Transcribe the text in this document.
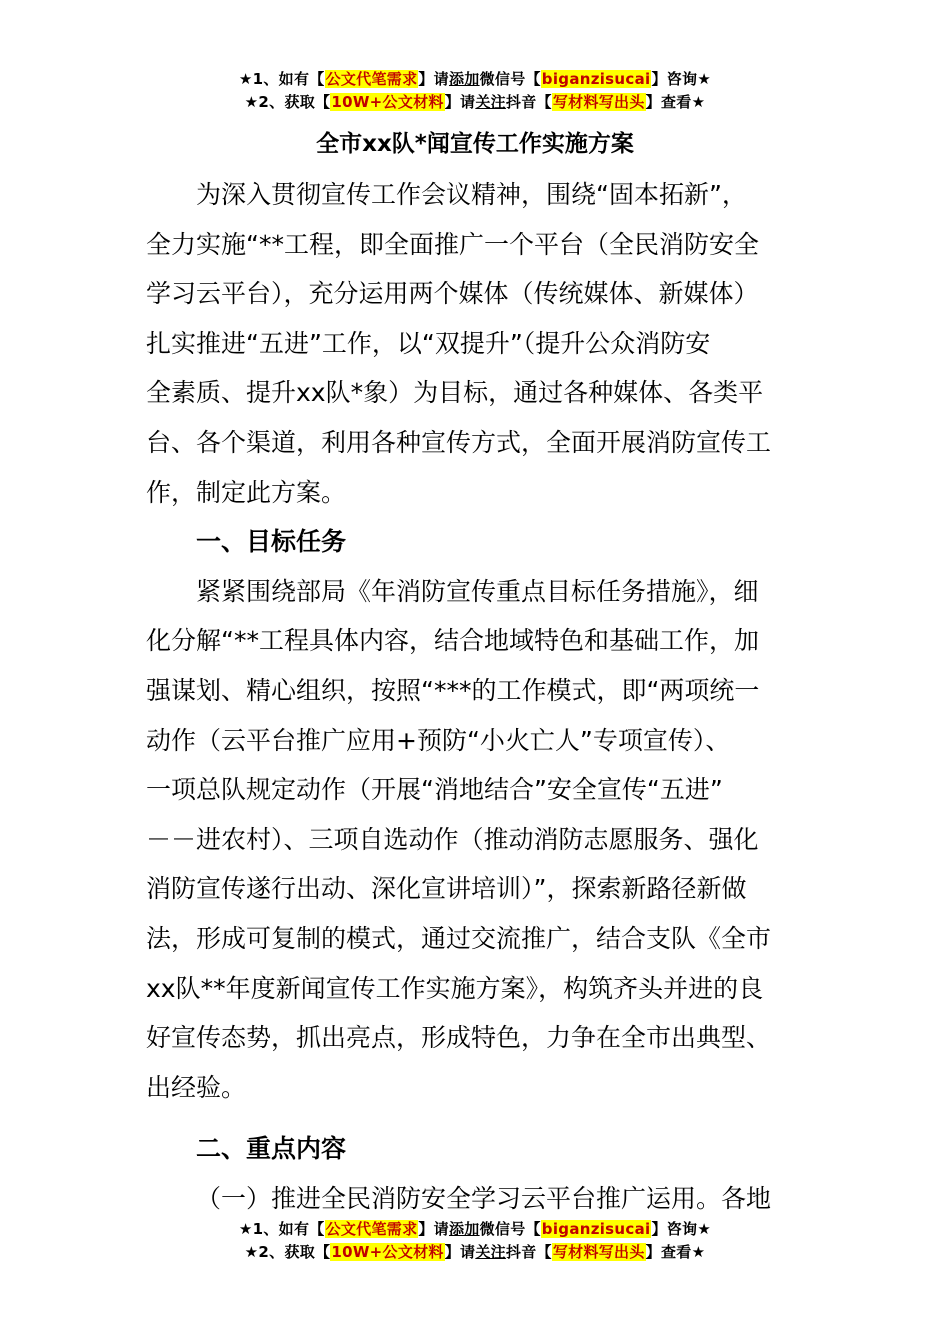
★1、如有【公文代笔需求】请添加微信号【biganzisucai】咨询★
★2、获取【10W+公文材料】请关注抖音【写材料写出头】查看★
全市xx队*闻宣传工作实施方案
为深入贯彻宣传工作会议精神，围绕“固本拓新”，
全力实施“**工程，即全面推广一个平台（全民消防安全
学习云平台），充分运用两个媒体（传统媒体、新媒体）
扎实推进“五进”工作，以“双提升”（提升公众消防安
全素质、提升xx队*象）为目标，通过各种媒体、各类平
台、各个渠道，利用各种宣传方式，全面开展消防宣传工
作，制定此方案。
一、目标任务
紧紧围绕部局《年消防宣传重点目标任务措施》，细
化分解“**工程具体内容，结合地域特色和基础工作，加
强谋划、精心组织，按照“***的工作模式，即“两项统一
动作（云平台推广应用+预防“小火亡人”专项宣传）、
一项总队规定动作（开展“消地结合”安全宣传“五进”
－－进农村）、三项自选动作（推动消防志愿服务、强化
消防宣传遂行出动、深化宣讲培训）”，探索新路径新做
法，形成可复制的模式，通过交流推广，结合支队《全市
xx队**年度新闻宣传工作实施方案》，构筑齐头并进的良
好宣传态势，抓出亮点，形成特色，力争在全市出典型、
出经验。
二、重点内容
（一）推进全民消防安全学习云平台推广运用。各地
★1、如有【公文代笔需求】请添加微信号【biganzisucai】咨询★
★2、获取【10W+公文材料】请关注抖音【写材料写出头】查看★
